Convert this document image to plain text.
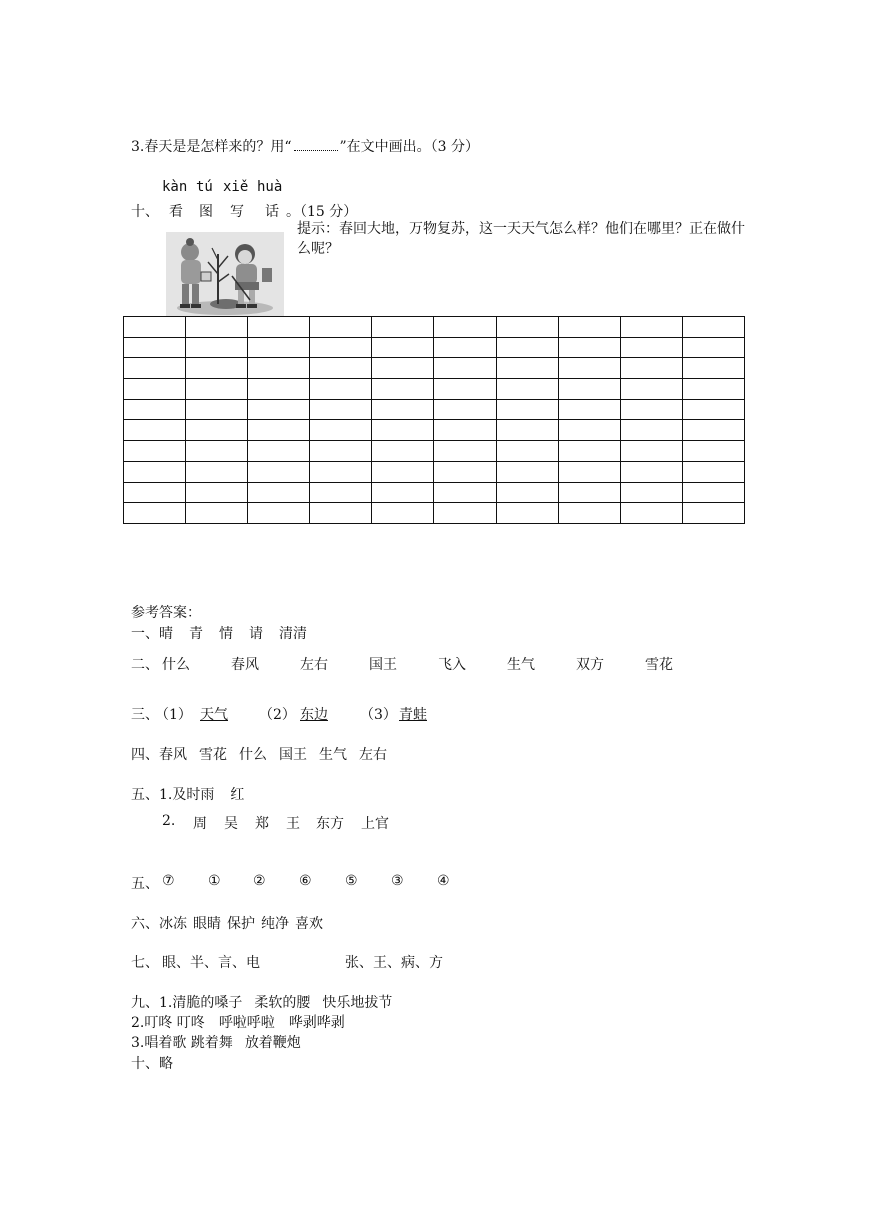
3.春天是是怎样来的？用“	”在文中画出。（3 分）
kàn tú xiě huà
十、 看 图 写 话 。（15 分）
提示：春回大地，万物复苏，这一天天气怎么样？他们在哪里？正在做什么呢？

参考答案：
一、晴 青 情 请 清清
二、 什么	春风	左右	国王	飞入	生气	双方	雪花
三、
（1） 天气 （2） 东边 （3） 青蛙
四、春风 雪花 什么 国王 生气 左右
五、1.及时雨 红
2. 周 吴 郑 王 东方 上官
五、 ⑦ ① ② ⑥ ⑤ ③ ④
六、冰冻 眼睛 保护 纯净 喜欢
七、 眼、半、言、电	张、王、病、方
九、1.清脆的嗓子 柔软的腰 快乐地拔节
2.叮咚 叮咚 呼啦呼啦 哗剥哗剥
3.唱着歌 跳着舞 放着鞭炮
十、略
